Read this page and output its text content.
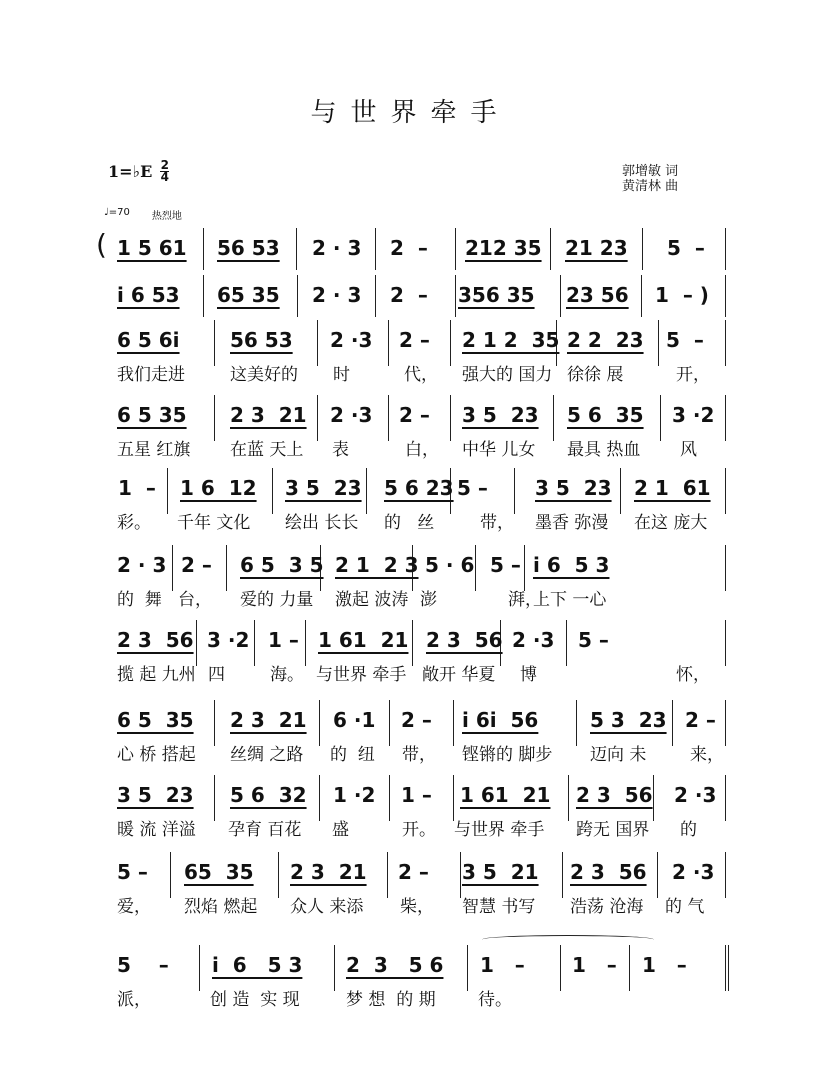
与世界牵手
1=♭E $\frac{2}{4}$	郭增敏 词
黄清林 曲
♩=70 热烈地
( 1 5 61 56 53 2 · 3 2  – 212 35 21 23 5  –
i 6 53 65 35 2 · 3 2  – 356 35 23 56 1  – )
6 5 6i	56 53 2 ·3 2 – 2 1 2  35 2 2  23 5  –
我们走进	这美好的 时	代， 强大的 国力 徐徐 展	开，
6 5 35 2 3  21 2 ·3 2 – 3 5  23 5 6  35 3 ·2
五星 红旗 在蓝 天上 表	白， 中华 儿女 最具 热血 风
1  – 1 6  12 3 5  23 5 6 23 5 – 3 5  23 2 1  61
彩。 千年 文化 绘出 长长 的   丝	带， 墨香 弥漫 在这 庞大
2 · 3 2 – 6 5  3 5 2 1  2 3 5 · 6 5 – i 6  5 3
的  舞   台， 爱的 力量 激起 波涛 澎	湃，
上下 一心
2 3  56 3 ·2 1 – 1 61  21 2 3  56 2 ·3 5 –
揽 起 九州 四	海。 与世界 牵手 敞开 华夏 博	怀，
6 5  35 2 3  21 6 ·1 2 – i 6i  56	5 3  23 2 –
心 桥 搭起 丝绸 之路 的  纽 带， 铿锵的 脚步 迈向 未	来，
3 5  23 5 6  32 1 ·2 1 – 1 61  21 2 3  56 2 ·3
暖 流 洋溢 孕育 百花 盛	开。 与世界 牵手 跨无 国界 的
5 – 65  35 2 3  21 2 – 3 5  21 2 3  56 2 ·3
爱， 烈焰 燃起 众人 来添 柴， 智慧 书写 浩荡 沧海 的 气
5    – i  6   5 3 2  3   5 6 1   – 1   – 1   –
派，	创 造  实 现	梦 想  的 期 待。
